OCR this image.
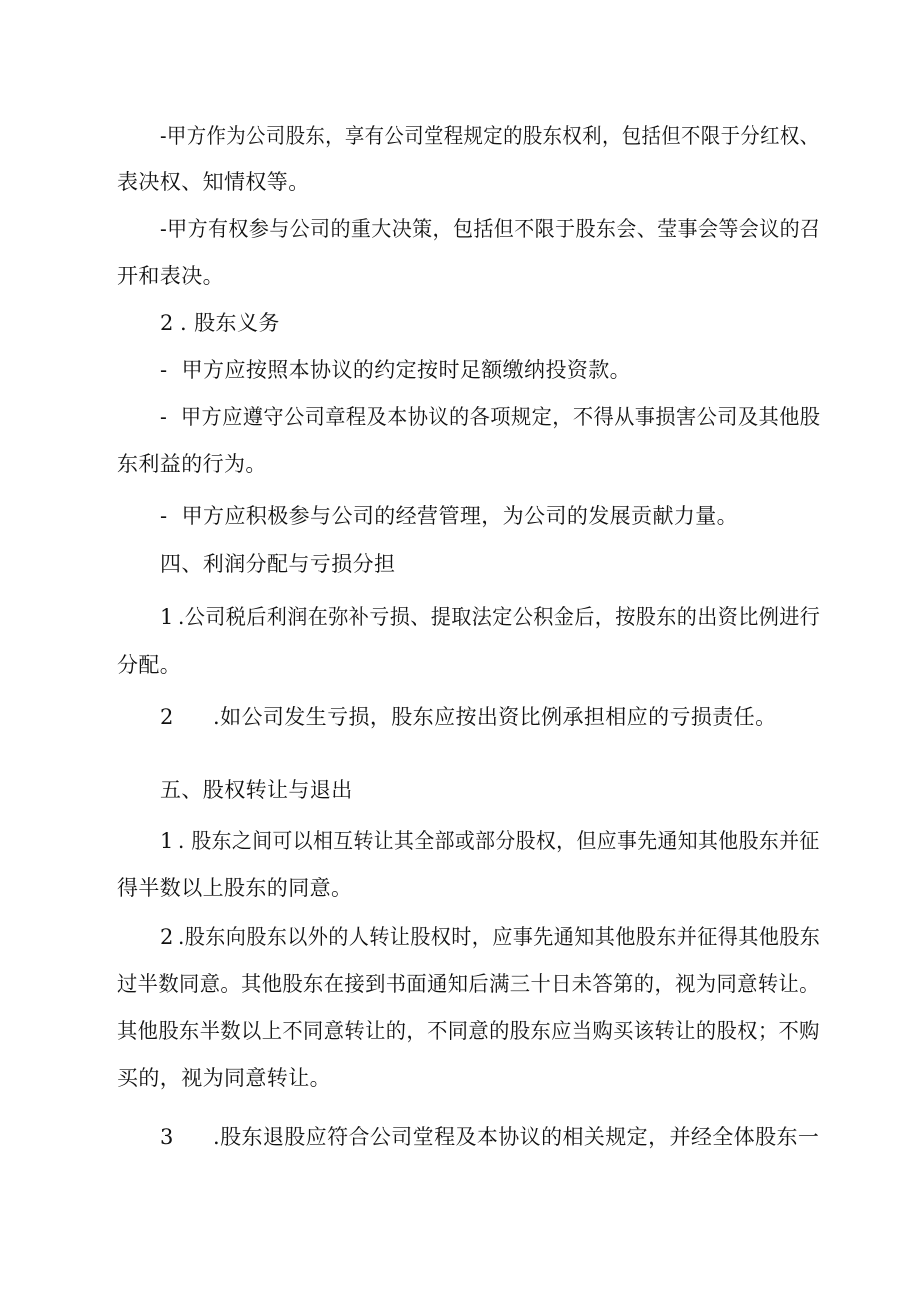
-甲方作为公司股东，享有公司堂程规定的股东权利，包括但不限于分红权、
表决权、知情权等。
-甲方有权参与公司的重大决策，包括但不限于股东会、莹事会等会议的召
开和表决。
2 . 股东义务
-  甲方应按照本协议的约定按时足额缴纳投资款。
-  甲方应遵守公司章程及本协议的各项规定，不得从事损害公司及其他股
东利益的行为。
-  甲方应积极参与公司的经营管理，为公司的发展贡献力量。
四、利润分配与亏损分担
1 .公司税后利润在弥补亏损、提取法定公积金后，按股东的出资比例进行
分配。
2 .如公司发生亏损，股东应按出资比例承担相应的亏损责任。
五、股权转让与退出
1 . 股东之间可以相互转让其全部或部分股权，但应事先通知其他股东并征
得半数以上股东的同意。
2 .股东向股东以外的人转让股权时，应事先通知其他股东并征得其他股东
过半数同意。其他股东在接到书面通知后满三十日未答第的，视为同意转让。
其他股东半数以上不同意转让的，不同意的股东应当购买该转让的股权；不购
买的，视为同意转让。
3 .股东退股应符合公司堂程及本协议的相关规定，并经全体股东一
